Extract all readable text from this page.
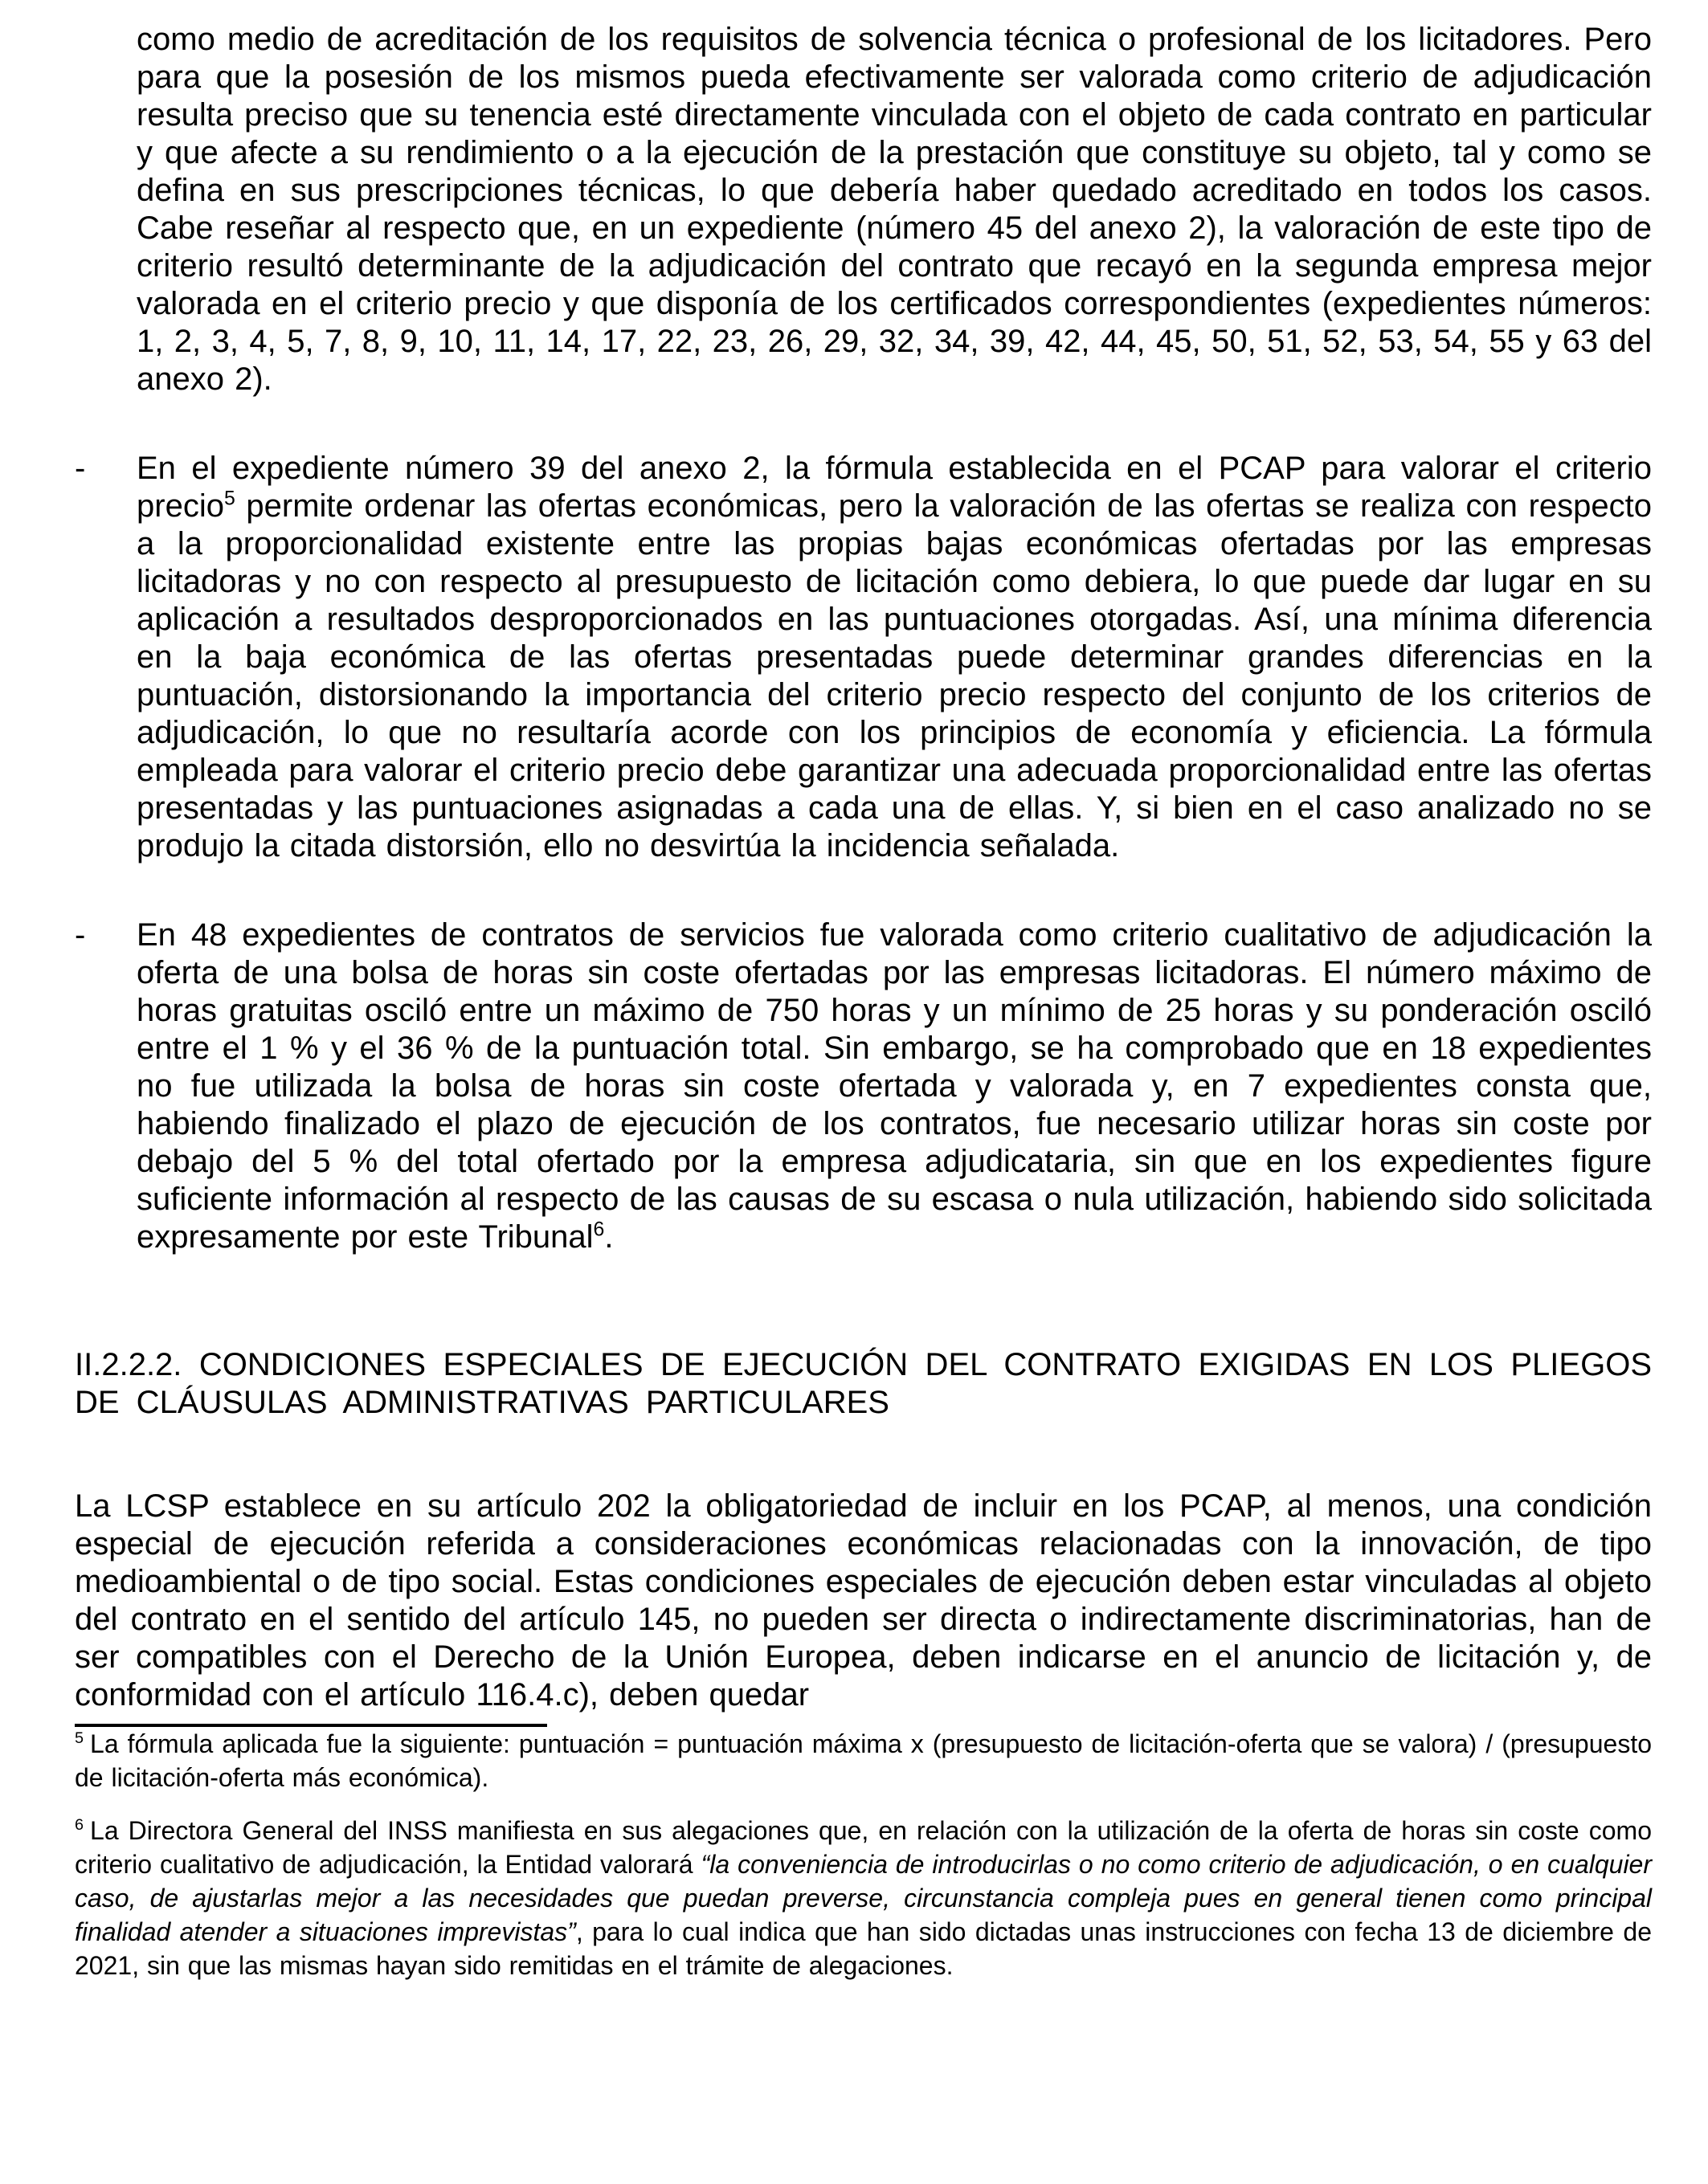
como medio de acreditación de los requisitos de solvencia técnica o profesional de los licitadores. Pero para que la posesión de los mismos pueda efectivamente ser valorada como criterio de adjudicación resulta preciso que su tenencia esté directamente vinculada con el objeto de cada contrato en particular y que afecte a su rendimiento o a la ejecución de la prestación que constituye su objeto, tal y como se defina en sus prescripciones técnicas, lo que debería haber quedado acreditado en todos los casos. Cabe reseñar al respecto que, en un expediente (número 45 del anexo 2), la valoración de este tipo de criterio resultó determinante de la adjudicación del contrato que recayó en la segunda empresa mejor valorada en el criterio precio y que disponía de los certificados correspondientes (expedientes números: 1, 2, 3, 4, 5, 7, 8, 9, 10, 11, 14, 17, 22, 23, 26, 29, 32, 34, 39, 42, 44, 45, 50, 51, 52, 53, 54, 55 y 63 del anexo 2).
- En el expediente número 39 del anexo 2, la fórmula establecida en el PCAP para valorar el criterio precio$^5$ permite ordenar las ofertas económicas, pero la valoración de las ofertas se realiza con respecto a la proporcionalidad existente entre las propias bajas económicas ofertadas por las empresas licitadoras y no con respecto al presupuesto de licitación como debiera, lo que puede dar lugar en su aplicación a resultados desproporcionados en las puntuaciones otorgadas. Así, una mínima diferencia en la baja económica de las ofertas presentadas puede determinar grandes diferencias en la puntuación, distorsionando la importancia del criterio precio respecto del conjunto de los criterios de adjudicación, lo que no resultaría acorde con los principios de economía y eficiencia. La fórmula empleada para valorar el criterio precio debe garantizar una adecuada proporcionalidad entre las ofertas presentadas y las puntuaciones asignadas a cada una de ellas. Y, si bien en el caso analizado no se produjo la citada distorsión, ello no desvirtúa la incidencia señalada.
- En 48 expedientes de contratos de servicios fue valorada como criterio cualitativo de adjudicación la oferta de una bolsa de horas sin coste ofertadas por las empresas licitadoras. El número máximo de horas gratuitas osciló entre un máximo de 750 horas y un mínimo de 25 horas y su ponderación osciló entre el 1 % y el 36 % de la puntuación total. Sin embargo, se ha comprobado que en 18 expedientes no fue utilizada la bolsa de horas sin coste ofertada y valorada y, en 7 expedientes consta que, habiendo finalizado el plazo de ejecución de los contratos, fue necesario utilizar horas sin coste por debajo del 5 % del total ofertado por la empresa adjudicataria, sin que en los expedientes figure suficiente información al respecto de las causas de su escasa o nula utilización, habiendo sido solicitada expresamente por este Tribunal$^6$.
II.2.2.2. CONDICIONES ESPECIALES DE EJECUCIÓN DEL CONTRATO EXIGIDAS EN LOS PLIEGOS DE CLÁUSULAS ADMINISTRATIVAS PARTICULARES
La LCSP establece en su artículo 202 la obligatoriedad de incluir en los PCAP, al menos, una condición especial de ejecución referida a consideraciones económicas relacionadas con la innovación, de tipo medioambiental o de tipo social. Estas condiciones especiales de ejecución deben estar vinculadas al objeto del contrato en el sentido del artículo 145, no pueden ser directa o indirectamente discriminatorias, han de ser compatibles con el Derecho de la Unión Europea, deben indicarse en el anuncio de licitación y, de conformidad con el artículo 116.4.c), deben quedar
$^5$ La fórmula aplicada fue la siguiente: puntuación = puntuación máxima x (presupuesto de licitación-oferta que se valora) / (presupuesto de licitación-oferta más económica).
$^6$ La Directora General del INSS manifiesta en sus alegaciones que, en relación con la utilización de la oferta de horas sin coste como criterio cualitativo de adjudicación, la Entidad valorará “la conveniencia de introducirlas o no como criterio de adjudicación, o en cualquier caso, de ajustarlas mejor a las necesidades que puedan preverse, circunstancia compleja pues en general tienen como principal finalidad atender a situaciones imprevistas”, para lo cual indica que han sido dictadas unas instrucciones con fecha 13 de diciembre de 2021, sin que las mismas hayan sido remitidas en el trámite de alegaciones.
